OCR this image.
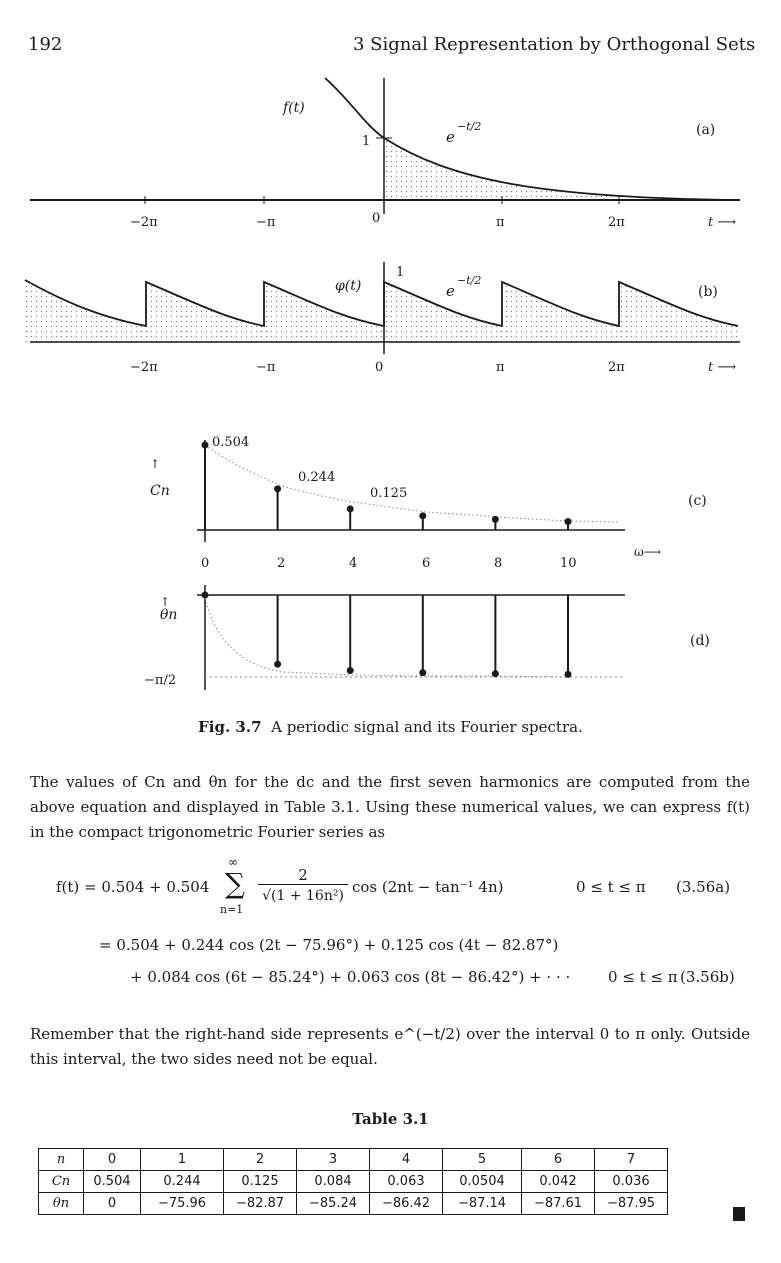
192	3 Signal Representation by Orthogonal Sets
f(t)
1	e
−t/2	(a)
−2π	−π	0	π	2π	t ⟶
φ(t)
1
e
−t/2
(b)
−2π	−π	0	π	2π	t ⟶
Cn
↑
(c)
ω⟶
0.504
0.244
0.125
0	2	4	6	8	10
θn
↑
−π/2
(d)
Fig. 3.7 A periodic signal and its Fourier spectra.
The values of Cn and θn for the dc and the first seven harmonics are computed from the above equation and displayed in Table 3.1. Using these numerical values, we can express f(t) in the compact trigonometric Fourier series as
f(t) = 0.504 + 0.504 ∑
∞
n=1
2
√(1 + 16n²) cos (2nt − tan⁻¹ 4n)	0 ≤ t ≤ π (3.56a)
= 0.504 + 0.244 cos (2t − 75.96°) + 0.125 cos (4t − 82.87°)
+ 0.084 cos (6t − 85.24°) + 0.063 cos (8t − 86.42°) + · · ·	0 ≤ t ≤ π (3.56b)
Remember that the right-hand side represents e^(−t/2) over the interval 0 to π only. Outside this interval, the two sides need not be equal.
Table 3.1
n	0	1	2	3	4	5	6	7
Cn	0.504	0.244	0.125	0.084	0.063	0.0504	0.042	0.036
θn	0	−75.96	−82.87	−85.24	−86.42	−87.14	−87.61	−87.95
